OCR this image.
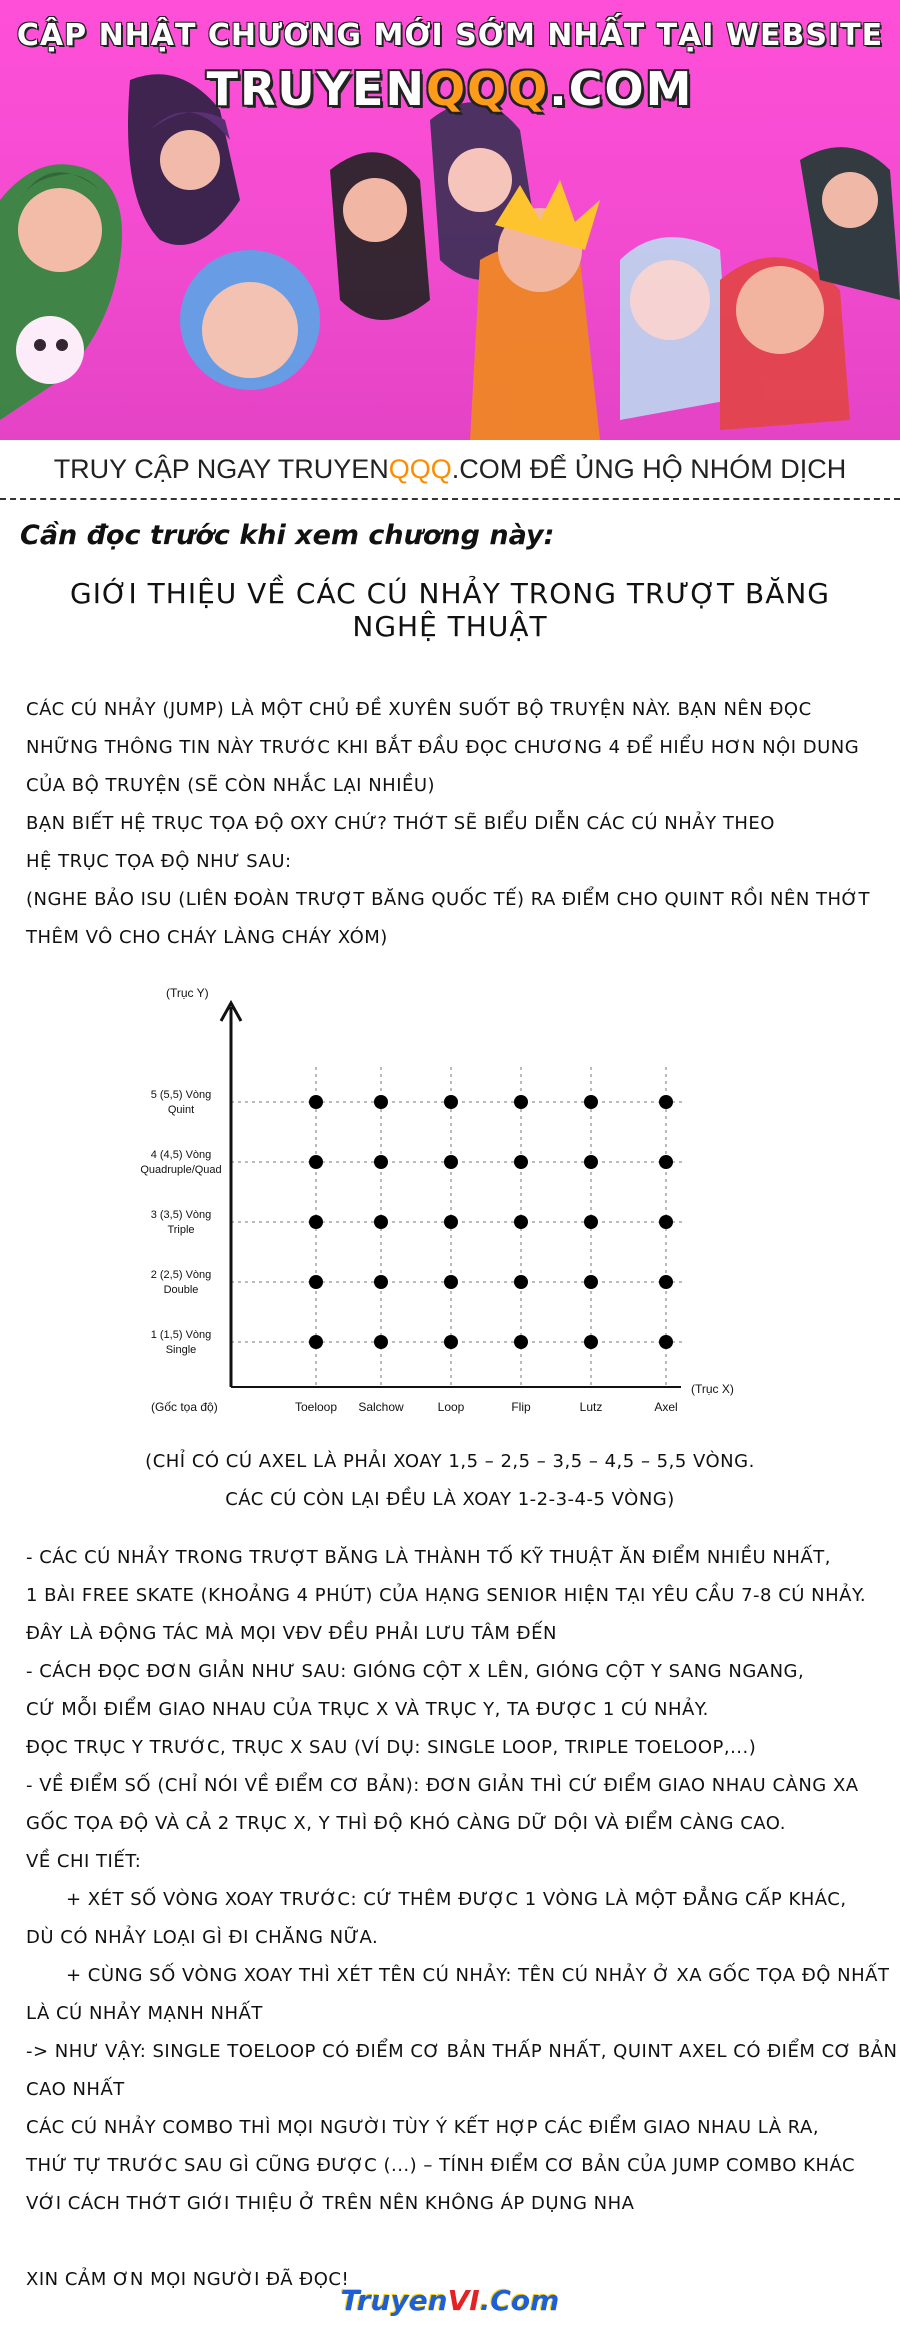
CẬP NHẬT CHƯƠNG MỚI SỚM NHẤT TẠI WEBSITE
TRUYENQQQ.COM
TRUY CẬP NGAY TRUYENQQQ.COM ĐỂ ỦNG HỘ NHÓM DỊCH
Cần đọc trước khi xem chương này:
GIỚI THIỆU VỀ CÁC CÚ NHẢY TRONG TRƯỢT BĂNG NGHỆ THUẬT
CÁC CÚ NHẢY (JUMP) LÀ MỘT CHỦ ĐỀ XUYÊN SUỐT BỘ TRUYỆN NÀY. BẠN NÊN ĐỌC
NHỮNG THÔNG TIN NÀY TRƯỚC KHI BẮT ĐẦU ĐỌC CHƯƠNG 4 ĐỂ HIỂU HƠN NỘI DUNG
CỦA BỘ TRUYỆN (SẼ CÒN NHẮC LẠI NHIỀU)
BẠN BIẾT HỆ TRỤC TỌA ĐỘ OXY CHỨ? THỚT SẼ BIỂU DIỄN CÁC CÚ NHẢY THEO
HỆ TRỤC TỌA ĐỘ NHƯ SAU:
(NGHE BẢO ISU (LIÊN ĐOÀN TRƯỢT BĂNG QUỐC TẾ) RA ĐIỂM CHO QUINT RỒI NÊN THỚT
THÊM VÔ CHO CHÁY LÀNG CHÁY XÓM)
1 (1,5) Vòng
Single
2 (2,5) Vòng
Double
3 (3,5) Vòng
Triple
4 (4,5) Vòng
Quadruple/Quad
5 (5,5) Vòng
Quint
Toeloop Salchow	Loop	Flip	Lutz	Axel
(Trục Y)
(Trục X)
(Gốc tọa độ)
(CHỈ CÓ CÚ AXEL LÀ PHẢI XOAY 1,5 – 2,5 – 3,5 – 4,5 – 5,5 VÒNG.
CÁC CÚ CÒN LẠI ĐỀU LÀ XOAY 1-2-3-4-5 VÒNG)
- CÁC CÚ NHẢY TRONG TRƯỢT BĂNG LÀ THÀNH TỐ KỸ THUẬT ĂN ĐIỂM NHIỀU NHẤT,
1 BÀI FREE SKATE (KHOẢNG 4 PHÚT) CỦA HẠNG SENIOR HIỆN TẠI YÊU CẦU 7-8 CÚ NHẢY.
ĐÂY LÀ ĐỘNG TÁC MÀ MỌI VĐV ĐỀU PHẢI LƯU TÂM ĐẾN
- CÁCH ĐỌC ĐƠN GIẢN NHƯ SAU: GIÓNG CỘT X LÊN, GIÓNG CỘT Y SANG NGANG,
CỨ MỖI ĐIỂM GIAO NHAU CỦA TRỤC X VÀ TRỤC Y, TA ĐƯỢC 1 CÚ NHẢY.
ĐỌC TRỤC Y TRƯỚC, TRỤC X SAU (VÍ DỤ: SINGLE LOOP, TRIPLE TOELOOP,...)
- VỀ ĐIỂM SỐ (CHỈ NÓI VỀ ĐIỂM CƠ BẢN): ĐƠN GIẢN THÌ CỨ ĐIỂM GIAO NHAU CÀNG XA
GỐC TỌA ĐỘ VÀ CẢ 2 TRỤC X, Y THÌ ĐỘ KHÓ CÀNG DỮ DỘI VÀ ĐIỂM CÀNG CAO.
VỀ CHI TIẾT:
+ XÉT SỐ VÒNG XOAY TRƯỚC: CỨ THÊM ĐƯỢC 1 VÒNG LÀ MỘT ĐẲNG CẤP KHÁC,
DÙ CÓ NHẢY LOẠI GÌ ĐI CHĂNG NỮA.
+ CÙNG SỐ VÒNG XOAY THÌ XÉT TÊN CÚ NHẢY: TÊN CÚ NHẢY Ở XA GỐC TỌA ĐỘ NHẤT
LÀ CÚ NHẢY MẠNH NHẤT
-> NHƯ VẬY: SINGLE TOELOOP CÓ ĐIỂM CƠ BẢN THẤP NHẤT, QUINT AXEL CÓ ĐIỂM CƠ BẢN
CAO NHẤT
CÁC CÚ NHẢY COMBO THÌ MỌI NGƯỜI TÙY Ý KẾT HỢP CÁC ĐIỂM GIAO NHAU LÀ RA,
THỨ TỰ TRƯỚC SAU GÌ CŨNG ĐƯỢC (...) – TÍNH ĐIỂM CƠ BẢN CỦA JUMP COMBO KHÁC
VỚI CÁCH THỚT GIỚI THIỆU Ở TRÊN NÊN KHÔNG ÁP DỤNG NHA
XIN CẢM ƠN MỌI NGƯỜI ĐÃ ĐỌC!
TruyenVI.Com
